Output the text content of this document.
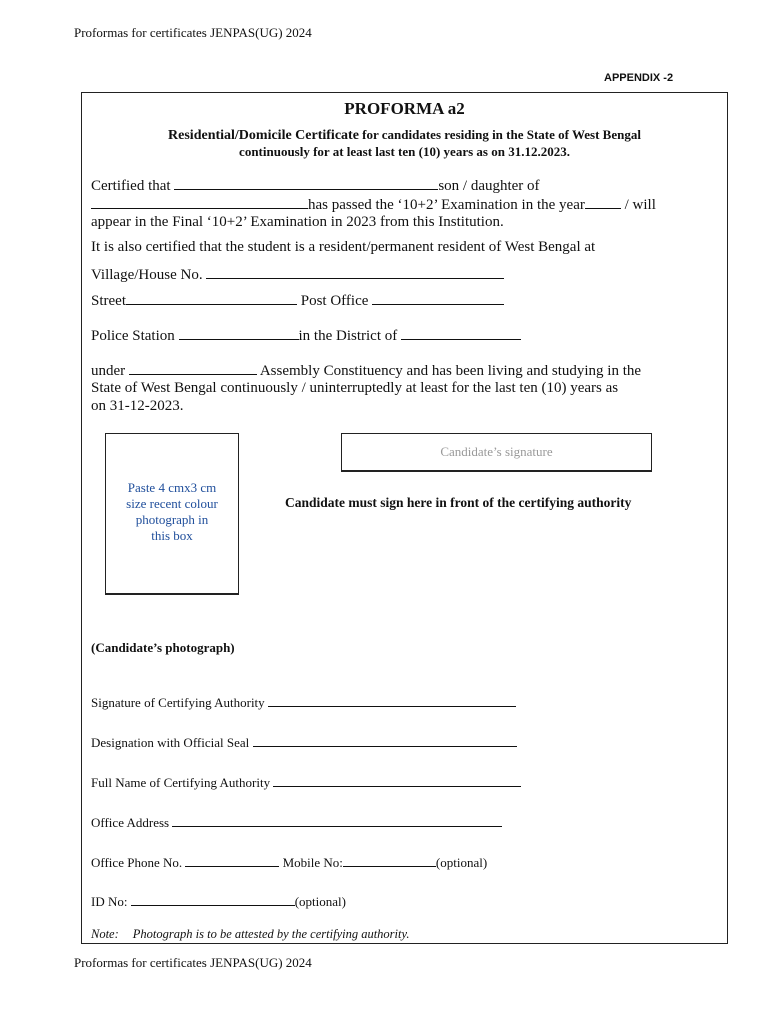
Proformas for certificates JENPAS(UG) 2024
APPENDIX -2
PROFORMA a2
Residential/Domicile Certificate for candidates residing in the State of West Bengal
continuously for at least last ten (10) years as on 31.12.2023.
Certified that	son / daughter of
has passed the ‘10+2’ Examination in the year / will
appear in the Final ‘10+2’ Examination in 2023 from this Institution.
It is also certified that the student is a resident/permanent resident of West Bengal at
Village/House No.
Street	Post Office
Police Station	in the District of
under	Assembly Constituency and has been living and studying in the
State of West Bengal continuously / uninterruptedly at least for the last ten (10) years as
on 31-12-2023.
Paste 4 cmx3 cm
size recent colour
photograph in
this box
Candidate’s signature
Candidate must sign here in front of the certifying authority
(Candidate’s photograph)
Signature of Certifying Authority
Designation with Official Seal
Full Name of Certifying Authority
Office Address
Office Phone No.	Mobile No:	(optional)
ID No:	(optional)
Note: Photograph is to be attested by the certifying authority.
Proformas for certificates JENPAS(UG) 2024
